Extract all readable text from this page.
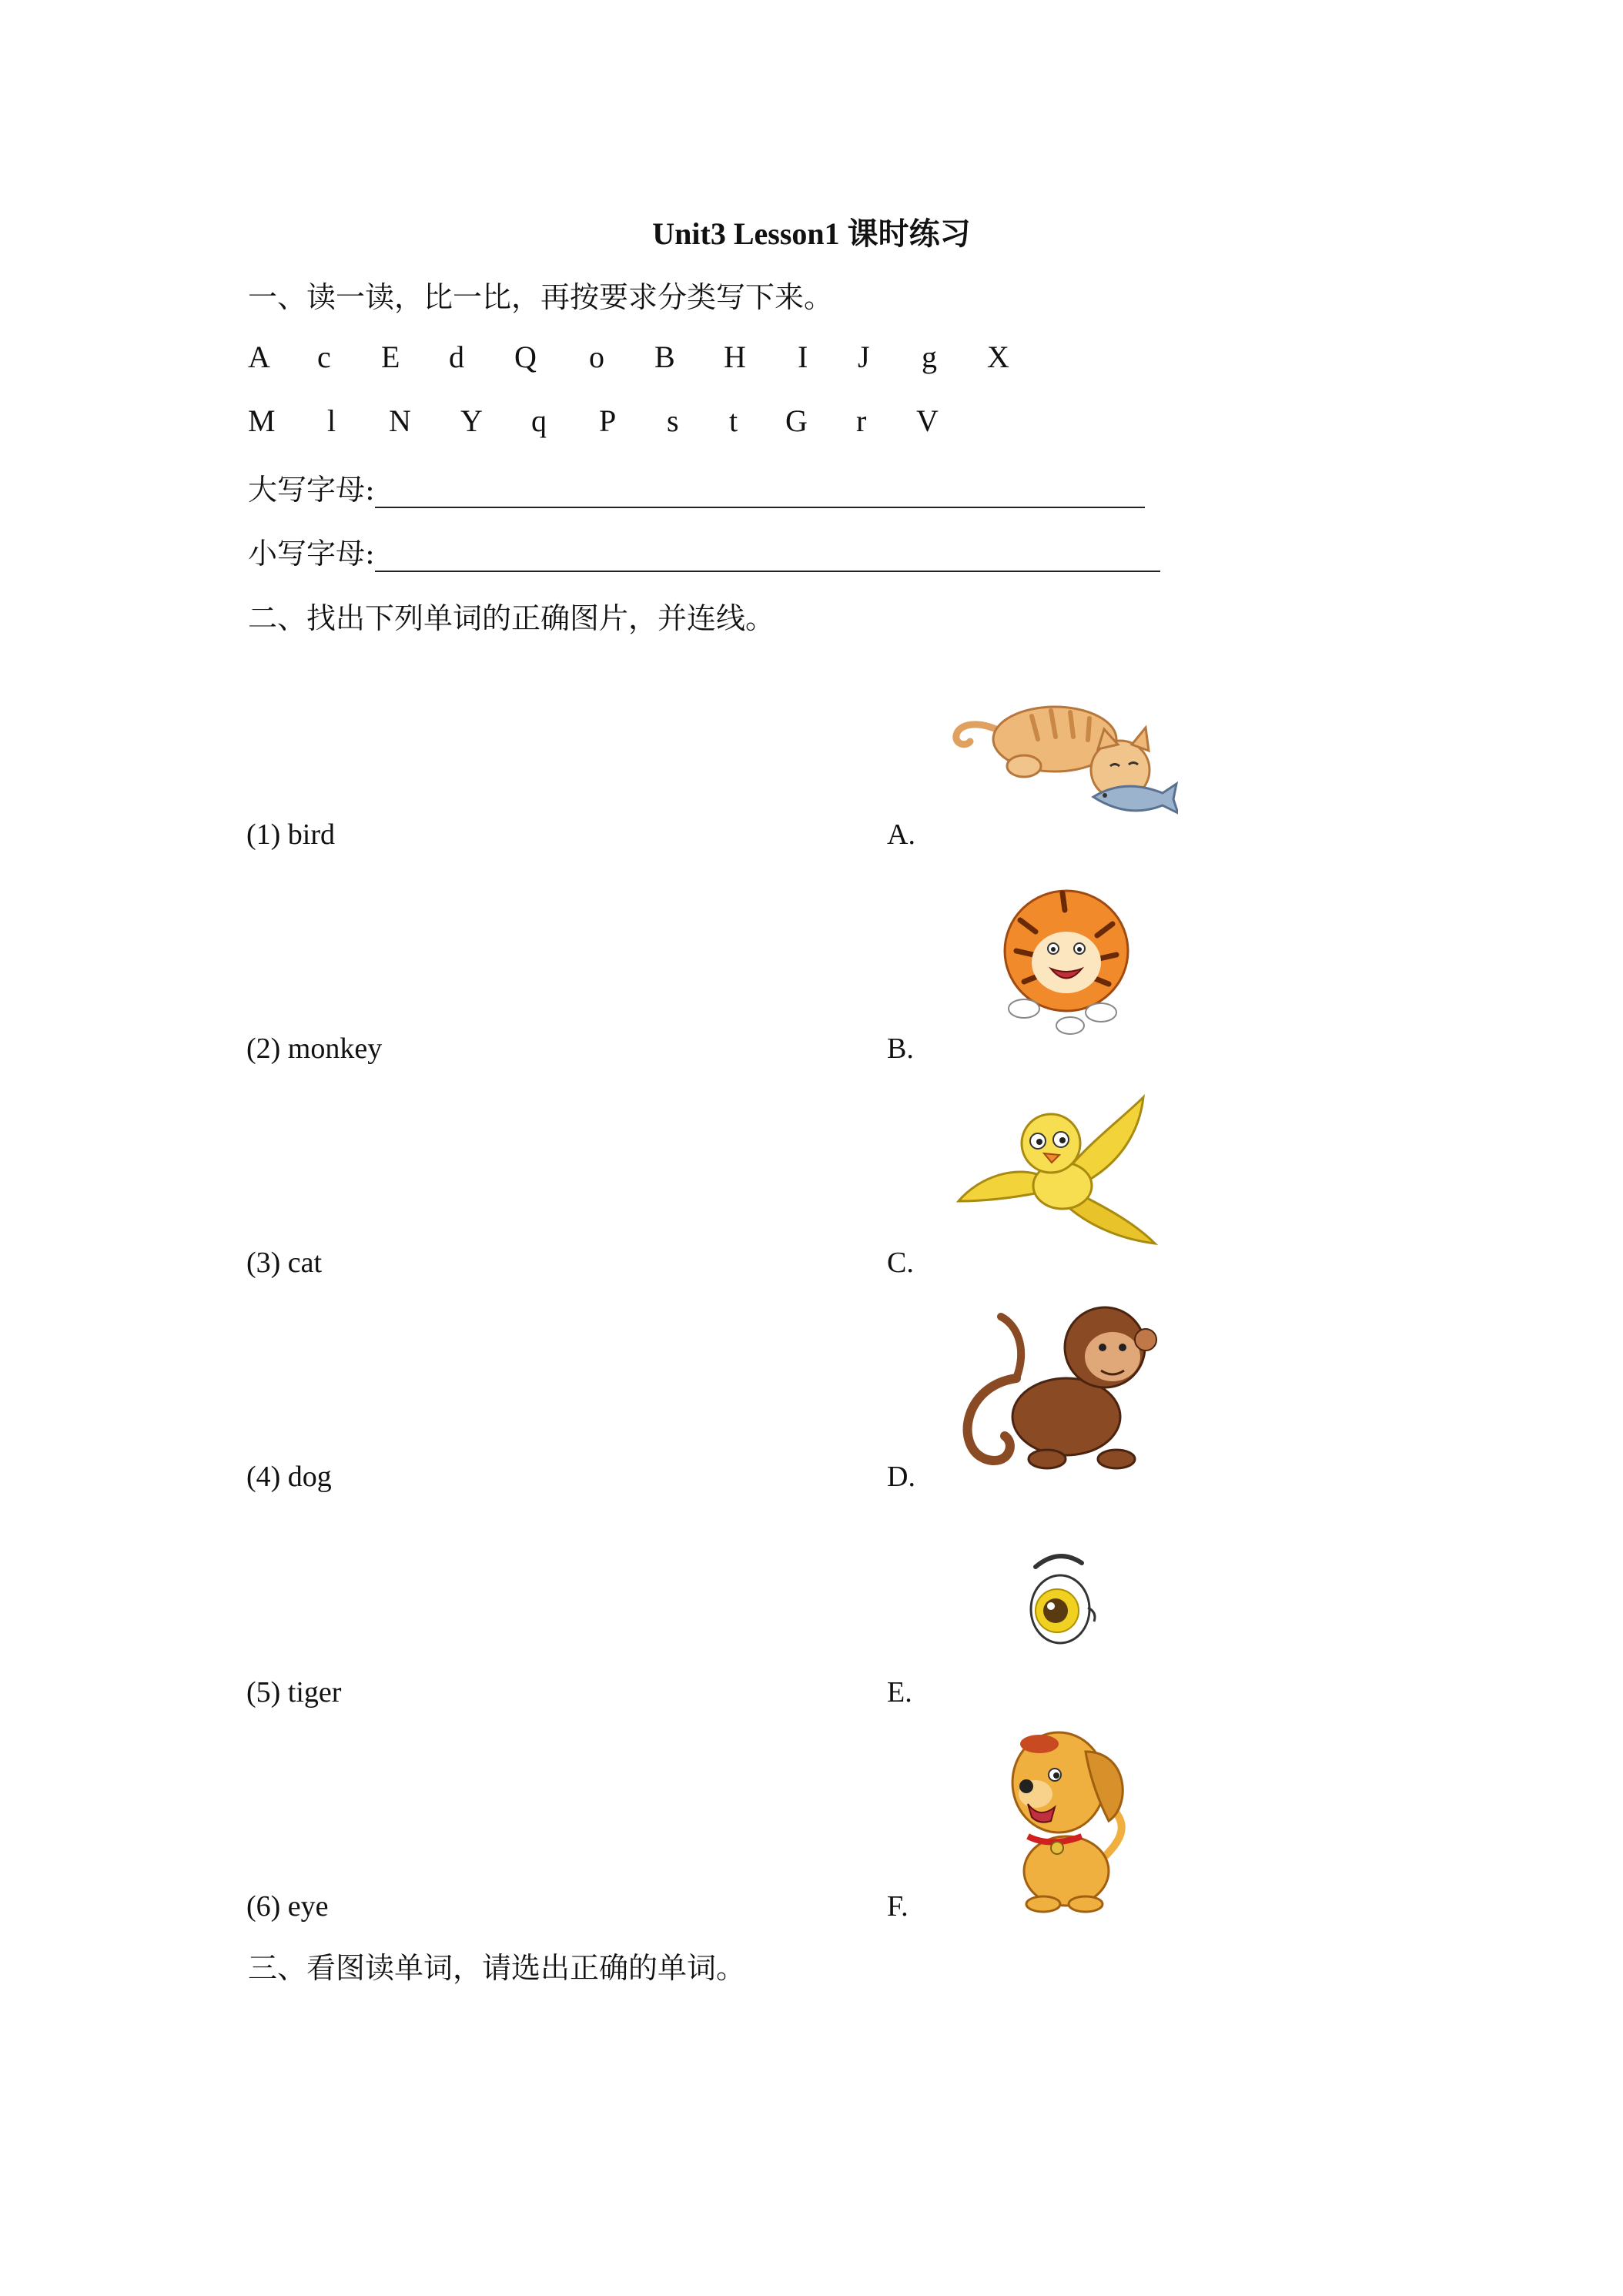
Unit3 Lesson1 课时练习
一、读一读，比一比，再按要求分类写下来。
A c E d Q o B H I J g X
M l N Y q P s t G r V
大写字母:
小写字母:
二、找出下列单词的正确图片，并连线。
(1) bird
(2) monkey
(3) cat
(4) dog
(5) tiger
(6) eye
A.
B.
C.
D.
E.
F.
三、看图读单词，请选出正确的单词。
